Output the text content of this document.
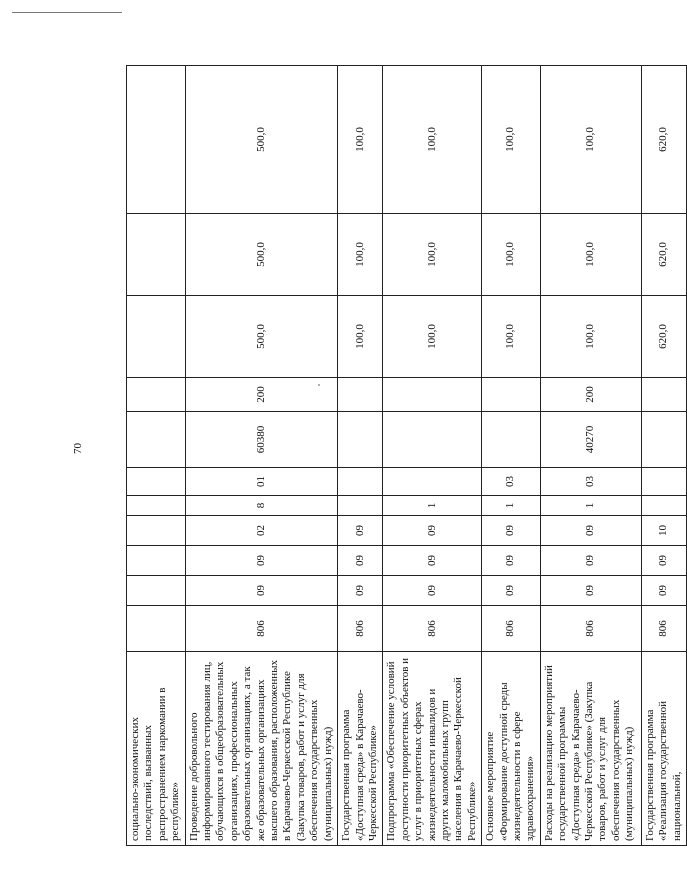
70
социально-экономических последствий, вызванных распространением наркомании в республике»											
Проведение добровольного информированного тестирования лиц, обучающихся в общеобразовательных организациях, профессиональных образовательных организациях, а так же образовательных организациях высшего образования, расположенных в Карачаево-Черкесской Республике (Закупка товаров, работ и услуг для обеспечения государственных (муниципальных) нужд)	806	09	09	02	8	01	60380	200	500,0	500,0	500,0
Государственная программа «Доступная среда» в Карачаево-Черкесской Республике»	806	09	09	09					100,0	100,0	100,0
Подпрограмма «Обеспечение условий доступности приоритетных объектов и услуг в приоритетных сферах жизнедеятельности инвалидов и других маломобильных групп населения в Карачаево-Черкесской Республике»	806	09	09	09	1				100,0	100,0	100,0
Основное мероприятие «Формирование доступной среды жизнедеятельности в сфере здравоохранения»	806	09	09	09	1	03			100,0	100,0	100,0
Расходы на реализацию мероприятий государственной программы «Доступная среда» в Карачаево-Черкесской Республике» (Закупка товаров, работ и услуг для обеспечения государственных (муниципальных) нужд)	806	09	09	09	1	03	40270	200	100,0	100,0	100,0
Государственная программа «Реализация государственной национальной,	806	09	09	10					620,0	620,0	620,0
